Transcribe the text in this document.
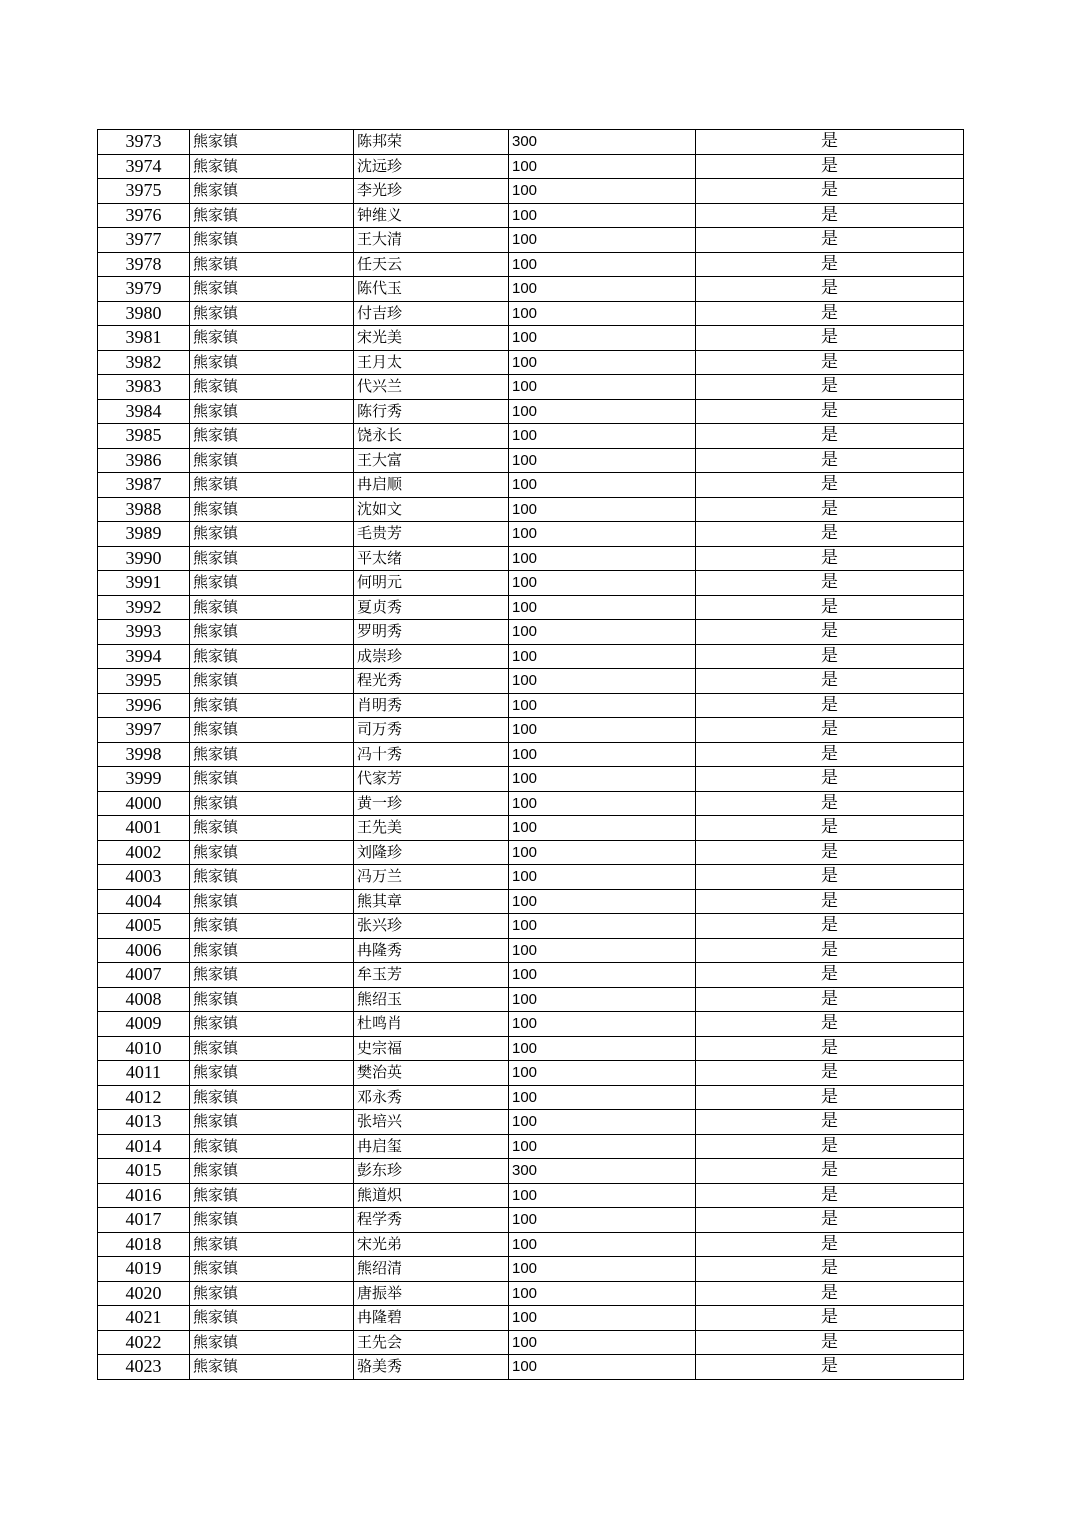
3973	熊家镇	陈邦荣	300	是
3974	熊家镇	沈远珍	100	是
3975	熊家镇	李光珍	100	是
3976	熊家镇	钟维义	100	是
3977	熊家镇	王大清	100	是
3978	熊家镇	任天云	100	是
3979	熊家镇	陈代玉	100	是
3980	熊家镇	付吉珍	100	是
3981	熊家镇	宋光美	100	是
3982	熊家镇	王月太	100	是
3983	熊家镇	代兴兰	100	是
3984	熊家镇	陈行秀	100	是
3985	熊家镇	饶永长	100	是
3986	熊家镇	王大富	100	是
3987	熊家镇	冉启顺	100	是
3988	熊家镇	沈如文	100	是
3989	熊家镇	毛贵芳	100	是
3990	熊家镇	平太绪	100	是
3991	熊家镇	何明元	100	是
3992	熊家镇	夏贞秀	100	是
3993	熊家镇	罗明秀	100	是
3994	熊家镇	成崇珍	100	是
3995	熊家镇	程光秀	100	是
3996	熊家镇	肖明秀	100	是
3997	熊家镇	司万秀	100	是
3998	熊家镇	冯十秀	100	是
3999	熊家镇	代家芳	100	是
4000	熊家镇	黄一珍	100	是
4001	熊家镇	王先美	100	是
4002	熊家镇	刘隆珍	100	是
4003	熊家镇	冯万兰	100	是
4004	熊家镇	熊其章	100	是
4005	熊家镇	张兴珍	100	是
4006	熊家镇	冉隆秀	100	是
4007	熊家镇	牟玉芳	100	是
4008	熊家镇	熊绍玉	100	是
4009	熊家镇	杜鸣肖	100	是
4010	熊家镇	史宗福	100	是
4011	熊家镇	樊治英	100	是
4012	熊家镇	邓永秀	100	是
4013	熊家镇	张培兴	100	是
4014	熊家镇	冉启玺	100	是
4015	熊家镇	彭东珍	300	是
4016	熊家镇	熊道炽	100	是
4017	熊家镇	程学秀	100	是
4018	熊家镇	宋光弟	100	是
4019	熊家镇	熊绍清	100	是
4020	熊家镇	唐振举	100	是
4021	熊家镇	冉隆碧	100	是
4022	熊家镇	王先会	100	是
4023	熊家镇	骆美秀	100	是
